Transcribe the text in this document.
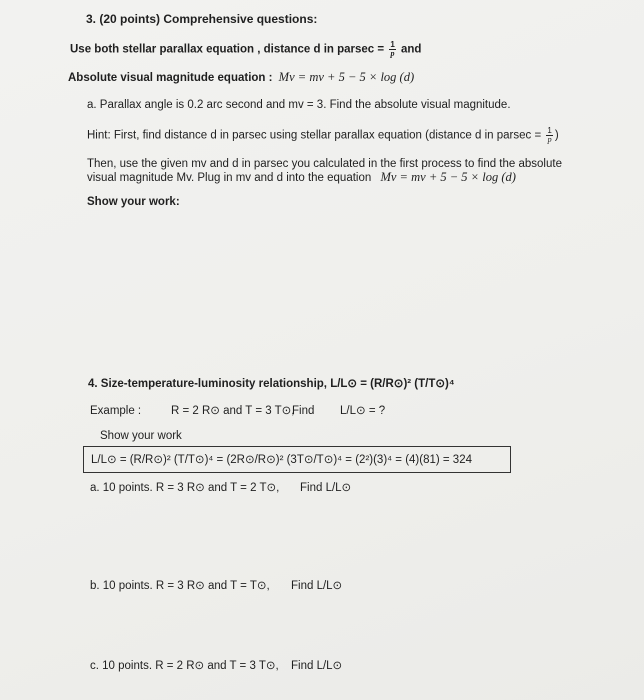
3. (20 points) Comprehensive questions:
Use both stellar parallax equation , distance d in $parsec = \frac{1}{p}$ and
Absolute visual magnitude equation : Mv = mv + 5 − 5 × log (d)
a. Parallax angle is 0.2 arc second and mv = 3. Find the absolute visual magnitude.
Hint: First, find distance d in parsec using stellar parallax equation (distance d in $parsec = \frac{1}{p}$ )
Then, use the given mv and d in parsec you calculated in the first process to find the absolute
visual magnitude Mv. Plug in mv and d into the equation Mv = mv + 5 − 5 × log (d)
Show your work:
4. Size-temperature-luminosity relationship, L/L⊙ = (R/R⊙)² (T/T⊙)⁴
Example :	R = 2 R⊙ and T = 3 T⊙,
Find L/L⊙ = ?
Show your work
L/L⊙ = (R/R⊙)² (T/T⊙)⁴ = (2R⊙/R⊙)² (3T⊙/T⊙)⁴ = (2²)(3)⁴ = (4)(81) = 324
a. 10 points. R = 3 R⊙ and T = 2 T⊙, Find L/L⊙
b. 10 points. R = 3 R⊙ and T = T⊙, Find L/L⊙
c. 10 points. R = 2 R⊙ and T = 3 T⊙, Find L/L⊙
